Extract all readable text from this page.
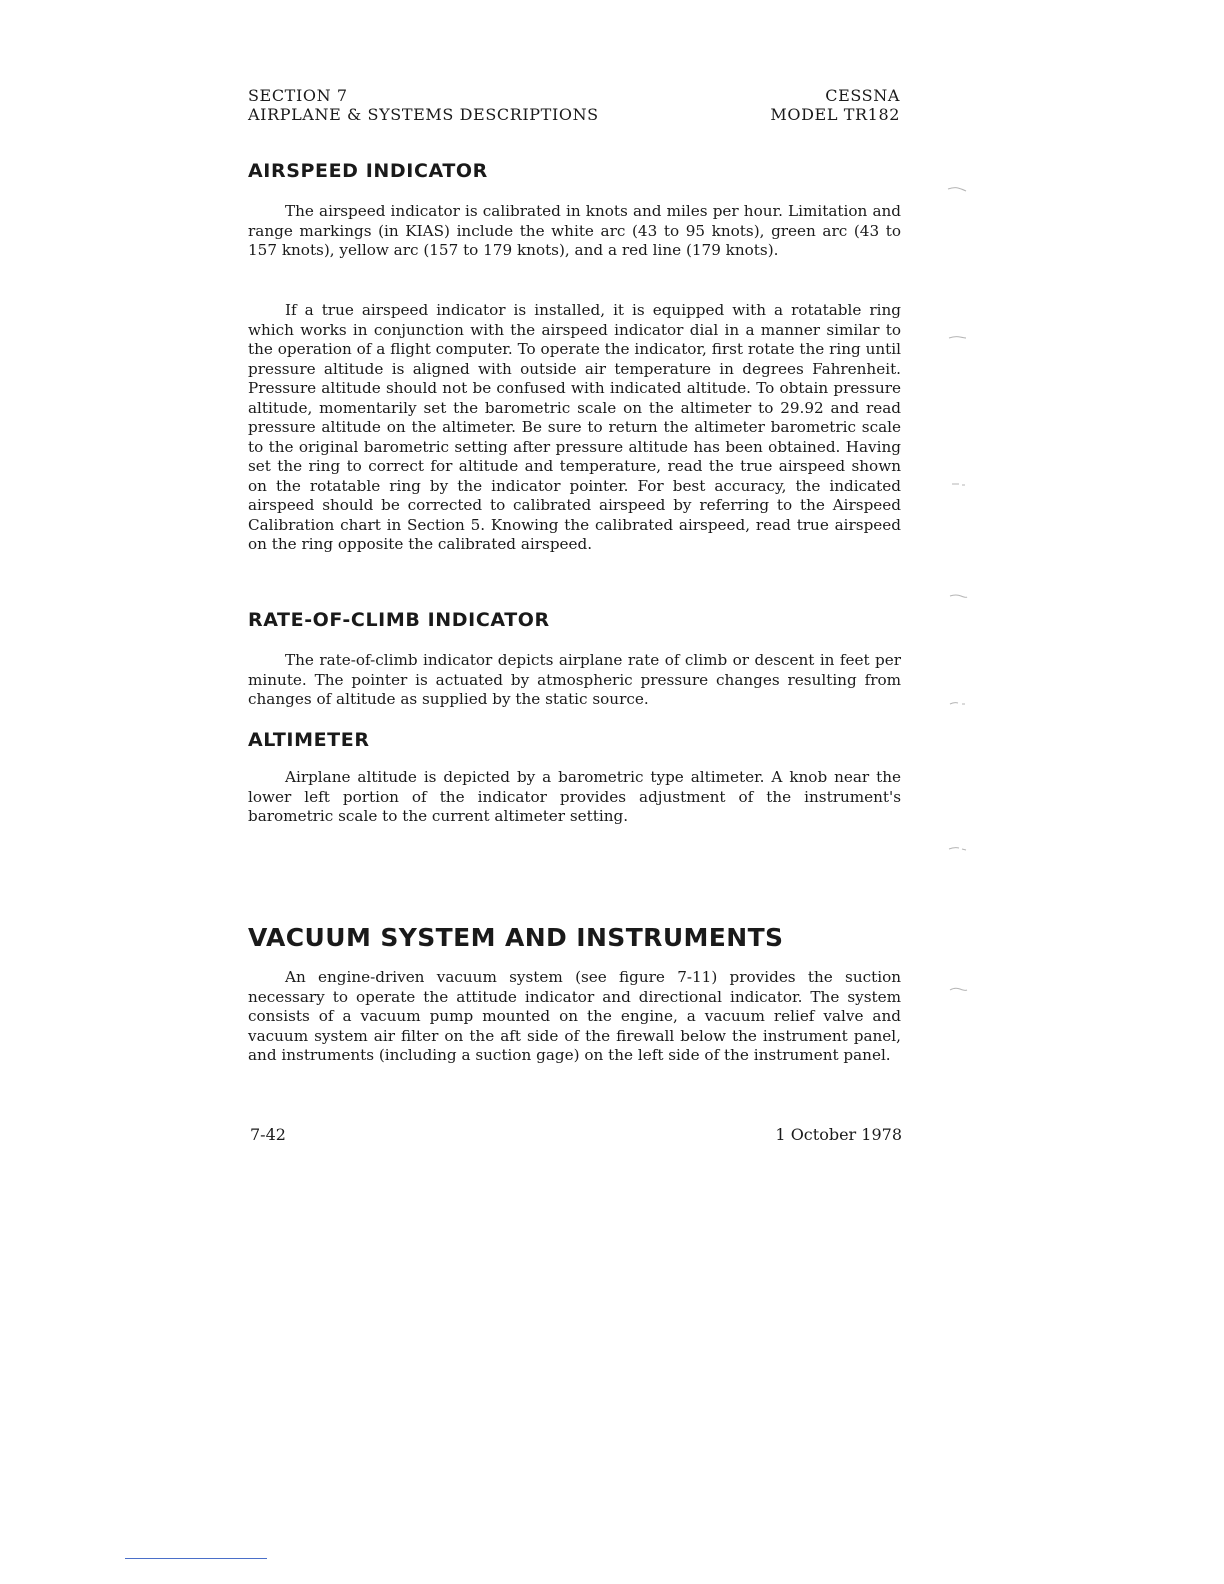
SECTION 7
AIRPLANE & SYSTEMS DESCRIPTIONS
CESSNA
MODEL TR182
AIRSPEED INDICATOR

The airspeed indicator is calibrated in knots and miles per hour. Limitation and range markings (in KIAS) include the white arc (43 to 95 knots), green arc (43 to 157 knots), yellow arc (157 to 179 knots), and a red line (179 knots).

If a true airspeed indicator is installed, it is equipped with a rotatable ring which works in conjunction with the airspeed indicator dial in a manner similar to the operation of a flight computer. To operate the indicator, first rotate the ring until pressure altitude is aligned with outside air temperature in degrees Fahrenheit. Pressure altitude should not be confused with indicated altitude. To obtain pressure altitude, momentarily set the barometric scale on the altimeter to 29.92 and read pressure altitude on the altimeter. Be sure to return the altimeter barometric scale to the original barometric setting after pressure altitude has been obtained. Having set the ring to correct for altitude and temperature, read the true airspeed shown on the rotatable ring by the indicator pointer. For best accuracy, the indicated airspeed should be corrected to calibrated airspeed by referring to the Airspeed Calibration chart in Section 5. Knowing the calibrated airspeed, read true airspeed on the ring opposite the calibrated airspeed.

RATE-OF-CLIMB INDICATOR

The rate-of-climb indicator depicts airplane rate of climb or descent in feet per minute. The pointer is actuated by atmospheric pressure changes resulting from changes of altitude as supplied by the static source.

ALTIMETER

Airplane altitude is depicted by a barometric type altimeter. A knob near the lower left portion of the indicator provides adjustment of the instrument's barometric scale to the current altimeter setting.

VACUUM SYSTEM AND INSTRUMENTS

An engine-driven vacuum system (see figure 7-11) provides the suction necessary to operate the attitude indicator and directional indicator. The system consists of a vacuum pump mounted on the engine, a vacuum relief valve and vacuum system air filter on the aft side of the firewall below the instrument panel, and instruments (including a suction gage) on the left side of the instrument panel.

7-42	1 October 1978
